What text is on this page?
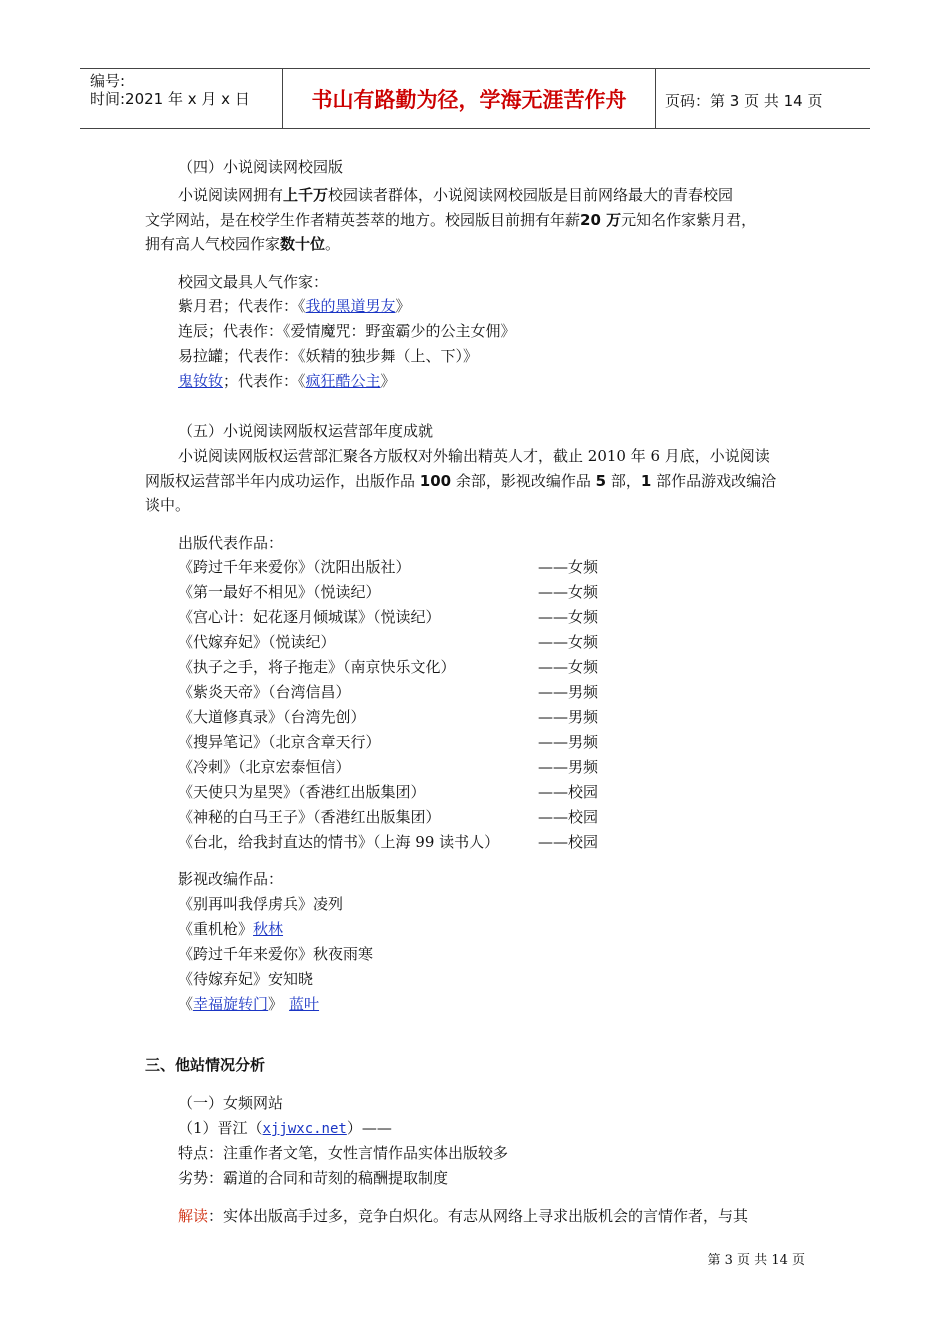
编号:
时间:2021 年 x 月 x 日	书山有路勤为径，学海无涯苦作舟	页码：第 3 页 共 14 页
（四）小说阅读网校园版
小说阅读网拥有上千万校园读者群体，小说阅读网校园版是目前网络最大的青春校园
文学网站，是在校学生作者精英荟萃的地方。校园版目前拥有年薪20 万元知名作家紫月君，
拥有高人气校园作家数十位。
校园文最具人气作家：
紫月君；代表作：《我的黑道男友》
连辰；代表作：《爱情魔咒：野蛮霸少的公主女佣》
易拉罐；代表作：《妖精的独步舞（上、下）》
鬼钕钕；代表作：《疯狂酷公主》
（五）小说阅读网版权运营部年度成就
小说阅读网版权运营部汇聚各方版权对外输出精英人才，截止 2010 年 6 月底，小说阅读
网版权运营部半年内成功运作，出版作品 100 余部，影视改编作品 5 部，1 部作品游戏改编洽
谈中。
出版代表作品：
《跨过千年来爱你》（沈阳出版社）	——女频
《第一最好不相见》（悦读纪）	——女频
《宫心计：妃花逐月倾城谋》（悦读纪）	——女频
《代嫁弃妃》（悦读纪）	——女频
《执子之手，将子拖走》（南京快乐文化）	——女频
《紫炎天帝》（台湾信昌）	——男频
《大道修真录》（台湾先创）	——男频
《搜异笔记》（北京含章天行）	——男频
《冷刺》（北京宏泰恒信）	——男频
《天使只为星哭》（香港红出版集团）	——校园
《神秘的白马王子》（香港红出版集团）	——校园
《台北，给我封直达的情书》（上海 99 读书人）	——校园
影视改编作品：
《别再叫我俘虏兵》凌列
《重机枪》秋林
《跨过千年来爱你》秋夜雨寒
《待嫁弃妃》安知晓
《幸福旋转门》 蓝叶
三、他站情况分析
（一）女频网站
（1）晋江（xjjwxc.net）——
特点：注重作者文笔，女性言情作品实体出版较多
劣势：霸道的合同和苛刻的稿酬提取制度
解读：实体出版高手过多，竞争白炽化。有志从网络上寻求出版机会的言情作者，与其
第 3 页 共 14 页
